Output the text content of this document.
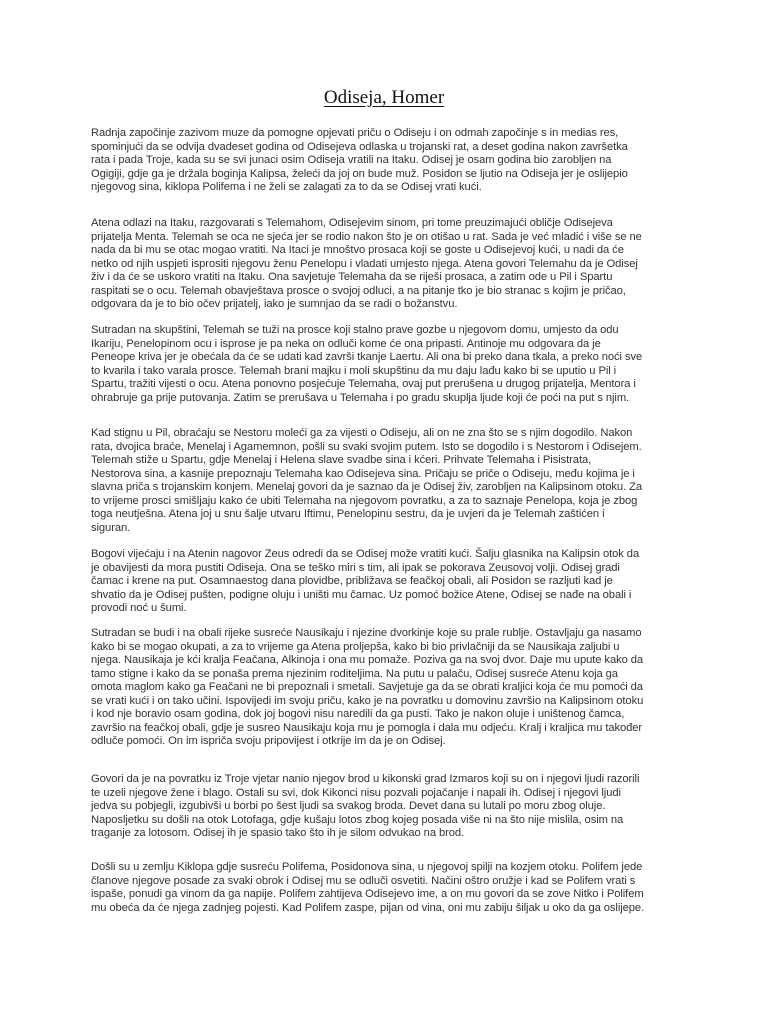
Odiseja, Homer

Radnja započinje zazivom muze da pomogne opjevati priču o Odiseju i on odmah započinje s in medias res,
spominjući da se odvija dvadeset godina od Odisejeva odlaska u trojanski rat, a deset godina nakon završetka
rata i pada Troje, kada su se svi junaci osim Odiseja vratili na Itaku. Odisej je osam godina bio zarobljen na
Ogigiji, gdje ga je držala boginja Kalipsa, želeći da joj on bude muž. Posidon se ljutio na Odiseja jer je oslijepio
njegovog sina, kiklopa Polifema i ne želi se zalagati za to da se Odisej vrati kući.

Atena odlazi na Itaku, razgovarati s Telemahom, Odisejevim sinom, pri tome preuzimajući obličje Odisejeva
prijatelja Menta. Telemah se oca ne sjeća jer se rodio nakon što je on otišao u rat. Sada je već mladić i više se ne
nada da bi mu se otac mogao vratiti. Na Itaci je mnoštvo prosaca koji se goste u Odisejevoj kući, u nadi da će
netko od njih uspjeti isprositi njegovu ženu Penelopu i vladati umjesto njega. Atena govori Telemahu da je Odisej
živ i da će se uskoro vratiti na Itaku. Ona savjetuje Telemaha da se riješi prosaca, a zatim ode u Pil i Spartu
raspitati se o ocu. Telemah obavještava prosce o svojoj odluci, a na pitanje tko je bio stranac s kojim je pričao,
odgovara da je to bio očev prijatelj, iako je sumnjao da se radi o božanstvu.

Sutradan na skupštini, Telemah se tuži na prosce koji stalno prave gozbe u njegovom domu, umjesto da odu
Ikariju, Penelopinom ocu i isprose je pa neka on odluči kome će ona pripasti. Antinoje mu odgovara da je
Peneope kriva jer je obećala da će se udati kad završi tkanje Laertu. Ali ona bi preko dana tkala, a preko noći sve
to kvarila i tako varala prosce. Telemah brani majku i moli skupštinu da mu daju lađu kako bi se uputio u Pil i
Spartu, tražiti vijesti o ocu. Atena ponovno posjećuje Telemaha, ovaj put prerušena u drugog prijatelja, Mentora i
ohrabruje ga prije putovanja. Zatim se prerušava u Telemaha i po gradu skuplja ljude koji će poći na put s njim.

Kad stignu u Pil, obraćaju se Nestoru moleći ga za vijesti o Odiseju, ali on ne zna što se s njim dogodilo. Nakon
rata, dvojica braće, Menelaj i Agamemnon, pošli su svaki svojim putem. Isto se dogodilo i s Nestorom i Odisejem.
Telemah stiže u Spartu, gdje Menelaj i Helena slave svadbe sina i kćeri. Prihvate Telemaha i Pisistrata,
Nestorova sina, a kasnije prepoznaju Telemaha kao Odisejeva sina. Pričaju se priče o Odiseju, među kojima je i
slavna priča s trojanskim konjem. Menelaj govori da je saznao da je Odisej živ, zarobljen na Kalipsinom otoku. Za
to vrijeme prosci smišljaju kako će ubiti Telemaha na njegovom povratku, a za to saznaje Penelopa, koja je zbog
toga neutješna. Atena joj u snu šalje utvaru Iftimu, Penelopinu sestru, da je uvjeri da je Telemah zaštićen i
siguran.

Bogovi vijećaju i na Atenin nagovor Zeus odredi da se Odisej može vratiti kući. Šalju glasnika na Kalipsin otok da
je obavijesti da mora pustiti Odiseja. Ona se teško miri s tim, ali ipak se pokorava Zeusovoj volji. Odisej gradi
čamac i krene na put. Osamnaestog dana plovidbe, približava se feačkoj obali, ali Posidon se razljuti kad je
shvatio da je Odisej pušten, podigne oluju i uništi mu čamac. Uz pomoć božice Atene, Odisej se nađe na obali i
provodi noć u šumi.

Sutradan se budi i na obali rijeke susreće Nausikaju i njezine dvorkinje koje su prale rublje. Ostavljaju ga nasamo
kako bi se mogao okupati, a za to vrijeme ga Atena proljepša, kako bi bio privlačniji da se Nausikaja zaljubi u
njega. Nausikaja je kći kralja Feačana, Alkinoja i ona mu pomaže. Poziva ga na svoj dvor. Daje mu upute kako da
tamo stigne i kako da se ponaša prema njezinim roditeljima. Na putu u palaču, Odisej susreće Atenu koja ga
omota maglom kako ga Feačani ne bi prepoznali i smetali. Savjetuje ga da se obrati kraljici koja će mu pomoći da
se vrati kući i on tako učini. Ispovijedi im svoju priču, kako je na povratku u domovinu završio na Kalipsinom otoku
i kod nje boravio osam godina, dok joj bogovi nisu naredili da ga pusti. Tako je nakon oluje i uništenog čamca,
završio na feačkoj obali, gdje je susreo Nausikaju koja mu je pomogla i dala mu odjeću. Kralj i kraljica mu također
odluče pomoći. On im ispriča svoju pripovijest i otkrije im da je on Odisej.

Govori da je na povratku iz Troje vjetar nanio njegov brod u kikonski grad Izmaros koji su on i njegovi ljudi razorili
te uzeli njegove žene i blago. Ostali su svi, dok Kikonci nisu pozvali pojačanje i napali ih. Odisej i njegovi ljudi
jedva su pobjegli, izgubivši u borbi po šest ljudi sa svakog broda. Devet dana su lutali po moru zbog oluje.
Naposljetku su došli na otok Lotofaga, gdje kušaju lotos zbog kojeg posada više ni na što nije mislila, osim na
traganje za lotosom. Odisej ih je spasio tako što ih je silom odvukao na brod.

Došli su u zemlju Kiklopa gdje susreću Polifema, Posidonova sina, u njegovoj spilji na kozjem otoku. Polifem jede
članove njegove posade za svaki obrok i Odisej mu se odluči osvetiti. Načini oštro oružje i kad se Polifem vrati s
ispaše, ponudi ga vinom da ga napije. Polifem zahtijeva Odisejevo ime, a on mu govori da se zove Nitko i Polifem
mu obeća da će njega zadnjeg pojesti. Kad Polifem zaspe, pijan od vina, oni mu zabiju šiljak u oko da ga oslijepe.
